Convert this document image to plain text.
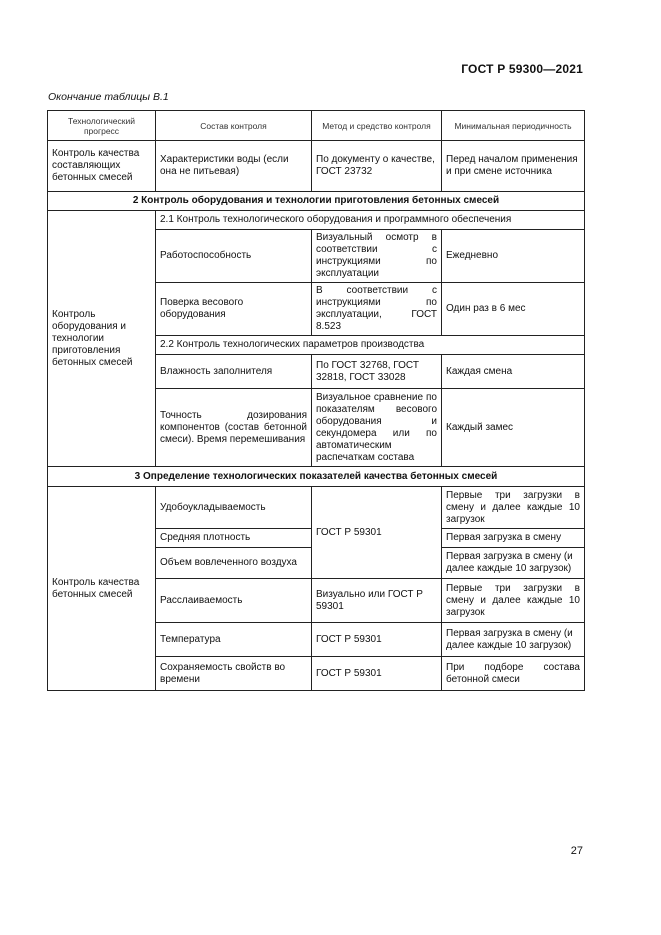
ГОСТ Р 59300—2021
Окончание таблицы В.1
Технологический прогресс	Состав контроля	Метод и средство контроля	Минимальная периодичность
Контроль качества составляющих бетонных смесей	Характеристики воды (если она не питьевая)	По документу о качестве, ГОСТ 23732	Перед началом применения и при смене источника
2 Контроль оборудования и технологии приготовления бетонных смесей			
Контроль оборудования и технологии приготовления бетонных смесей	2.1 Контроль технологического оборудования и программного обеспечения		
	Работоспособность	Визуальный осмотр в соответствии с инструкциями по эксплуатации	Ежедневно
	Поверка весового оборудования	В соответствии с инструкциями по эксплуатации, ГОСТ 8.523	Один раз в 6 мес
	2.2 Контроль технологических параметров производства		
	Влажность заполнителя	По ГОСТ 32768, ГОСТ 32818, ГОСТ 33028	Каждая смена
	Точность дозирования компонентов (состав бетонной смеси). Время перемешивания	Визуальное сравнение по показателям весового оборудования и секундомера или по автоматическим распечаткам состава	Каждый замес
3 Определение технологических показателей качества бетонных смесей			
Контроль качества бетонных смесей	Удобоукладываемость	ГОСТ Р 59301	Первые три загрузки в смену и далее каждые 10 загрузок
	Средняя плотность		Первая загрузка в смену
	Объем вовлеченного воздуха		Первая загрузка в смену (и далее каждые 10 загрузок)
	Расслаиваемость	Визуально или ГОСТ Р 59301	Первые три загрузки в смену и далее каждые 10 загрузок
	Температура	ГОСТ Р 59301	Первая загрузка в смену (и далее каждые 10 загрузок)
	Сохраняемость свойств во времени	ГОСТ Р 59301	При подборе состава бетонной смеси
27
